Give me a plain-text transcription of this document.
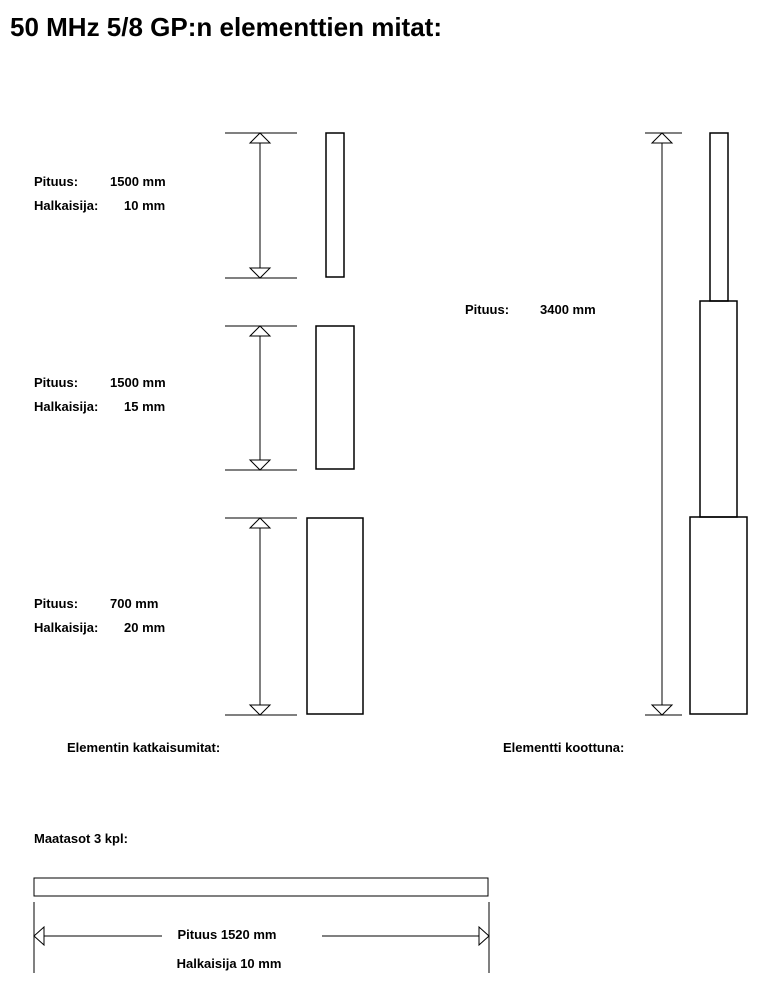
50 MHz 5/8 GP:n elementtien mitat:
Pituus: 1500 mm
Halkaisija: 10 mm
Pituus: 1500 mm
Halkaisija: 15 mm
Pituus: 700 mm
Halkaisija: 20 mm
Pituus: 3400 mm
Elementin katkaisumitat:	Elementti koottuna:
Maatasot 3 kpl:
Pituus 1520 mm
Halkaisija 10 mm
